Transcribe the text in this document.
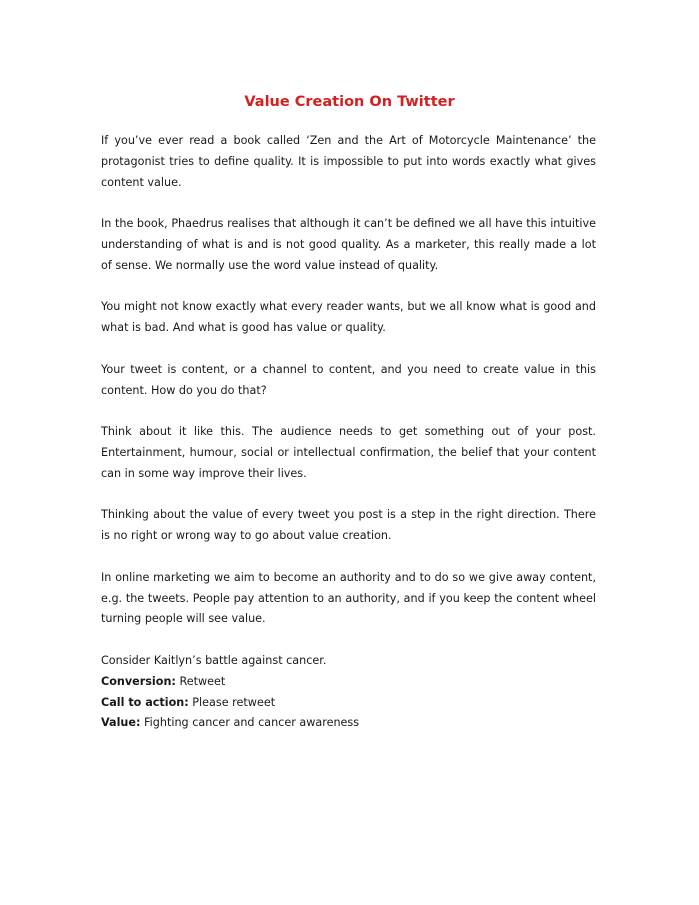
Value Creation On Twitter

If you’ve ever read a book called ‘Zen and the Art of Motorcycle Maintenance’ the protagonist tries to define quality. It is impossible to put into words exactly what gives content value.

In the book, Phaedrus realises that although it can’t be defined we all have this intuitive understanding of what is and is not good quality. As a marketer, this really made a lot of sense. We normally use the word value instead of quality.

You might not know exactly what every reader wants, but we all know what is good and what is bad. And what is good has value or quality.

Your tweet is content, or a channel to content, and you need to create value in this content. How do you do that?

Think about it like this. The audience needs to get something out of your post. Entertainment, humour, social or intellectual confirmation, the belief that your content can in some way improve their lives.

Thinking about the value of every tweet you post is a step in the right direction. There is no right or wrong way to go about value creation.

In online marketing we aim to become an authority and to do so we give away content, e.g. the tweets. People pay attention to an authority, and if you keep the content wheel turning people will see value.

Consider Kaitlyn’s battle against cancer.

Conversion: Retweet

Call to action: Please retweet

Value: Fighting cancer and cancer awareness
